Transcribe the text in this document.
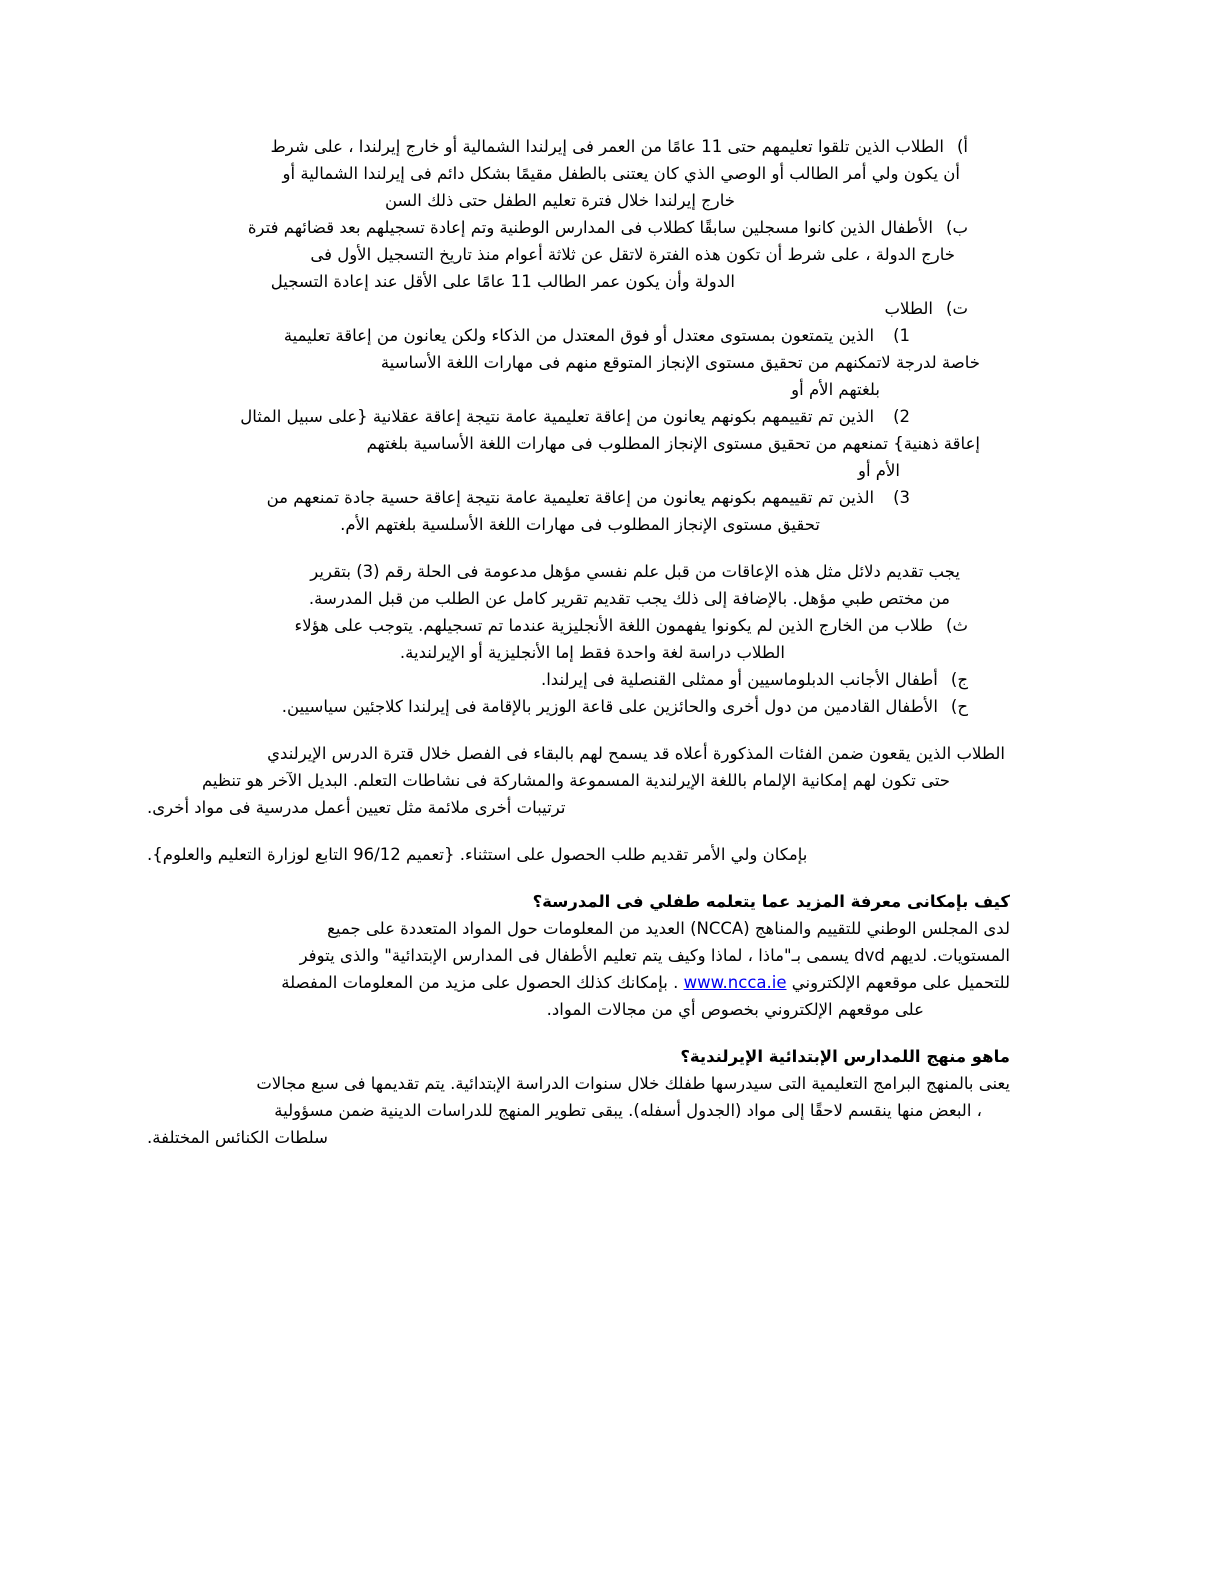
أ)
الطلاب الذين تلقوا تعليمهم حتى 11 عامًا من العمر فى إيرلندا الشمالية أو خارج إيرلندا ، على شرط
أن يكون ولي أمر الطالب أو الوصي الذي كان يعتنى بالطفل مقيمًا بشكل دائم فى إيرلندا الشمالية أو
خارج إيرلندا خلال فترة تعليم الطفل حتى ذلك السن
ب)
الأطفال الذين كانوا مسجلين سابقًا كطلاب فى المدارس الوطنية وتم إعادة تسجيلهم بعد قضائهم فترة
خارج الدولة ، على شرط أن تكون هذه الفترة لاتقل عن ثلاثة أعوام منذ تاريخ التسجيل الأول فى
الدولة وأن يكون عمر الطالب 11 عامًا على الأقل عند إعادة التسجيل
ت)
الطلاب
1)
الذين يتمتعون بمستوى معتدل أو فوق المعتدل من الذكاء ولكن يعانون من إعاقة تعليمية
خاصة لدرجة لاتمكنهم من تحقيق مستوى الإنجاز المتوقع منهم فى مهارات اللغة الأساسية
بلغتهم الأم أو
2)
الذين تم تقييمهم بكونهم يعانون من إعاقة تعليمية عامة نتيجة إعاقة عقلانية {على سبيل المثال
إعاقة ذهنية} تمنعهم من تحقيق مستوى الإنجاز المطلوب فى مهارات اللغة الأساسية بلغتهم
الأم أو
3)
الذين تم تقييمهم بكونهم يعانون من إعاقة تعليمية عامة نتيجة إعاقة حسية جادة تمنعهم من
تحقيق مستوى الإنجاز المطلوب فى مهارات اللغة الأسلسية بلغتهم الأم.
يجب تقديم دلائل مثل هذه الإعاقات من قبل علم نفسي مؤهل مدعومة فى الحلة رقم (3) بتقرير
من مختص طبي مؤهل. بالإضافة إلى ذلك يجب تقديم تقرير كامل عن الطلب من قبل المدرسة.
ث)
طلاب من الخارج الذين لم يكونوا يفهمون اللغة الأنجليزية عندما تم تسجيلهم. يتوجب على هؤلاء
الطلاب دراسة لغة واحدة فقط إما الأنجليزية أو الإيرلندية.
ج)
أطفال الأجانب الدبلوماسيين أو ممثلى القنصلية فى إيرلندا.
ح)
الأطفال القادمين من دول أخرى والحائزين على قاعة الوزير بالإقامة فى إيرلندا كلاجئين سياسيين.
الطلاب الذين يقعون ضمن الفئات المذكورة أعلاه قد يسمح لهم بالبقاء فى الفصل خلال قترة الدرس الإيرلندي
حتى تكون لهم إمكانية الإلمام باللغة الإيرلندية المسموعة والمشاركة فى نشاطات التعلم. البديل الآخر هو تنظيم
ترتيبات أخرى ملائمة مثل تعيين أعمل مدرسية فى مواد أخرى.
بإمكان ولي الأمر تقديم طلب الحصول على استثناء. {تعميم 96/12 التابع لوزارة التعليم والعلوم}.
كيف بإمكانى معرفة المزيد عما يتعلمه طفلي فى المدرسة؟
لدى المجلس الوطني للتقييم والمناهج (NCCA) العديد من المعلومات حول المواد المتعددة على جميع
المستويات. لديهم dvd يسمى بـ"ماذا ، لماذا وكيف يتم تعليم الأطفال فى المدارس الإبتدائية" والذى يتوفر
للتحميل على موقعهم الإلكتروني www.ncca.ie . بإمكانك كذلك الحصول على مزيد من المعلومات المفصلة
على موقعهم الإلكتروني بخصوص أي من مجالات المواد.
ماهو منهج اللمدارس الإبتدائية الإيرلندية؟
يعنى بالمنهج البرامج التعليمية التى سيدرسها طفلك خلال سنوات الدراسة الإبتدائية. يتم تقديمها فى سبع مجالات
، البعض منها ينقسم لاحقًا إلى مواد (الجدول أسفله). يبقى تطوير المنهج للدراسات الدينية ضمن مسؤولية
سلطات الكنائس المختلفة.
